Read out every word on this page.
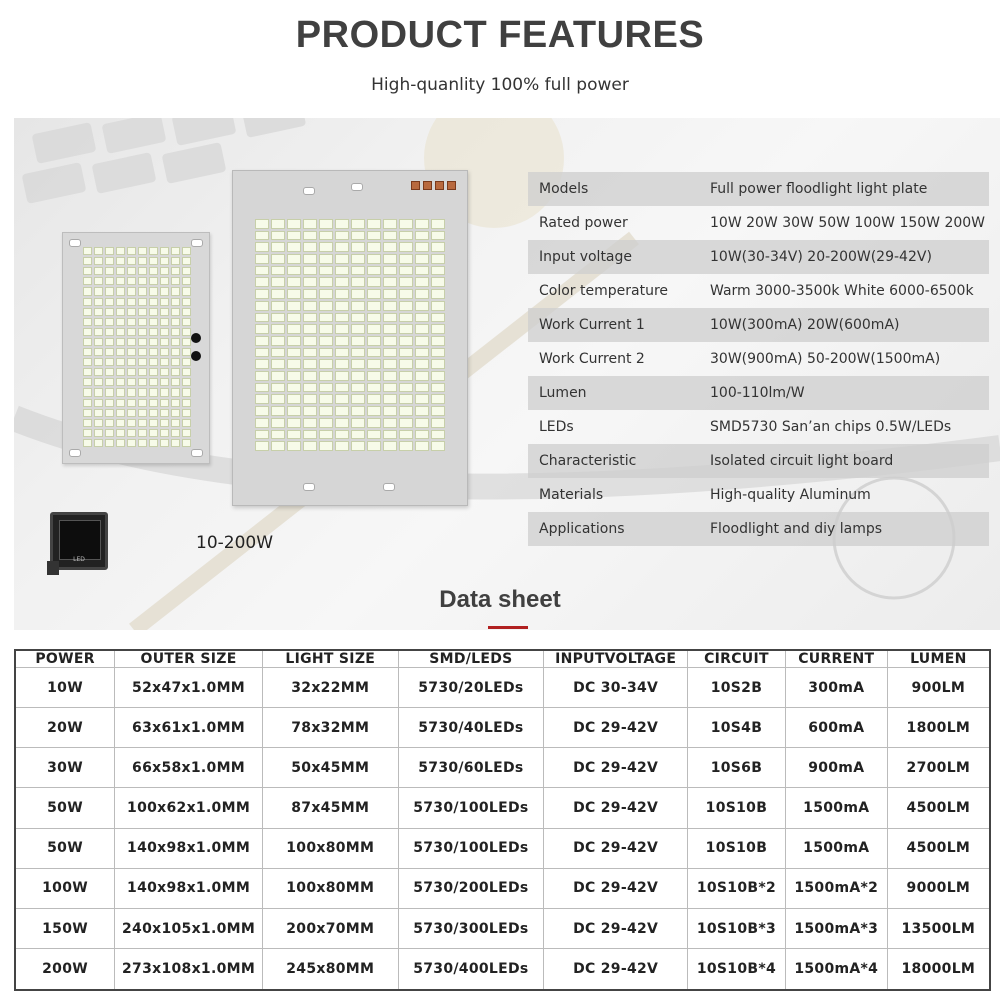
PRODUCT FEATURES
High-quanlity 100% full power
LED
10-200W
Models	Full power floodlight light plate
Rated power	10W 20W 30W 50W 100W 150W 200W
Input voltage	10W(30-34V) 20-200W(29-42V)
Color temperature	Warm 3000-3500k White 6000-6500k
Work Current 1	10W(300mA) 20W(600mA)
Work Current 2	30W(900mA) 50-200W(1500mA)
Lumen	100-110lm/W
LEDs	SMD5730 San’an chips 0.5W/LEDs
Characteristic	Isolated circuit light board
Materials	High-quality Aluminum
Applications	Floodlight and diy lamps
Data sheet
POWER	OUTER SIZE	LIGHT SIZE	SMD/LEDS	INPUTVOLTAGE	CIRCUIT	CURRENT	LUMEN
10W	52x47x1.0MM	32x22MM	5730/20LEDs	DC 30-34V	10S2B	300mA	900LM
20W	63x61x1.0MM	78x32MM	5730/40LEDs	DC 29-42V	10S4B	600mA	1800LM
30W	66x58x1.0MM	50x45MM	5730/60LEDs	DC 29-42V	10S6B	900mA	2700LM
50W	100x62x1.0MM	87x45MM	5730/100LEDs	DC 29-42V	10S10B	1500mA	4500LM
50W	140x98x1.0MM	100x80MM	5730/100LEDs	DC 29-42V	10S10B	1500mA	4500LM
100W	140x98x1.0MM	100x80MM	5730/200LEDs	DC 29-42V	10S10B*2	1500mA*2	9000LM
150W	240x105x1.0MM	200x70MM	5730/300LEDs	DC 29-42V	10S10B*3	1500mA*3	13500LM
200W	273x108x1.0MM	245x80MM	5730/400LEDs	DC 29-42V	10S10B*4	1500mA*4	18000LM
